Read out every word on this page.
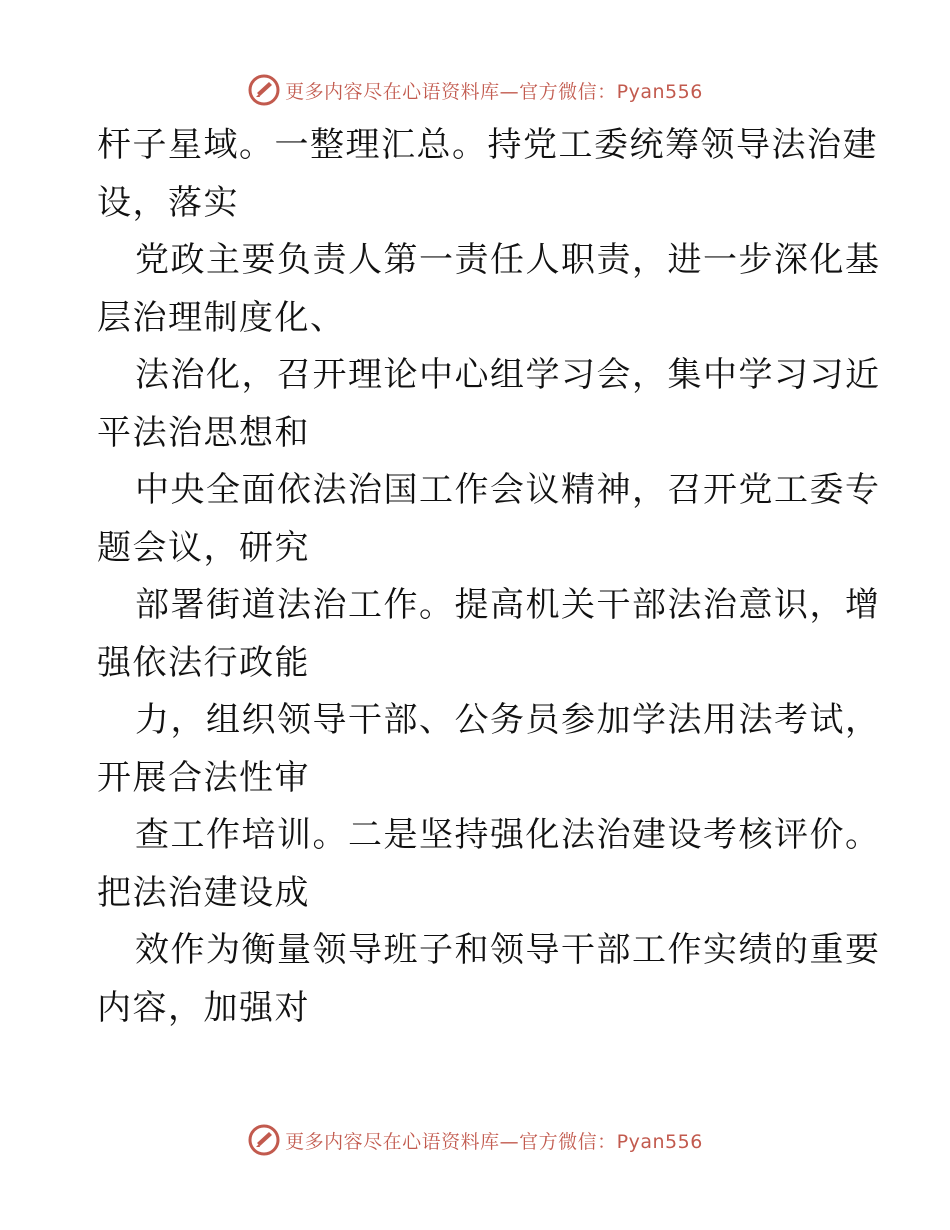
更多内容尽在心语资料库—官方微信：Pyan556
杆子星域。一整理汇总。持党工委统筹领导法治建
设，落实
党政主要负责人第一责任人职责，进一步深化基
层治理制度化、
法治化，召开理论中心组学习会，集中学习习近
平法治思想和
中央全面依法治国工作会议精神，召开党工委专
题会议，研究
部署街道法治工作。提高机关干部法治意识，增
强依法行政能
力，组织领导干部、公务员参加学法用法考试，
开展合法性审
查工作培训。二是坚持强化法治建设考核评价。
把法治建设成
效作为衡量领导班子和领导干部工作实绩的重要
内容，加强对
更多内容尽在心语资料库—官方微信：Pyan556
